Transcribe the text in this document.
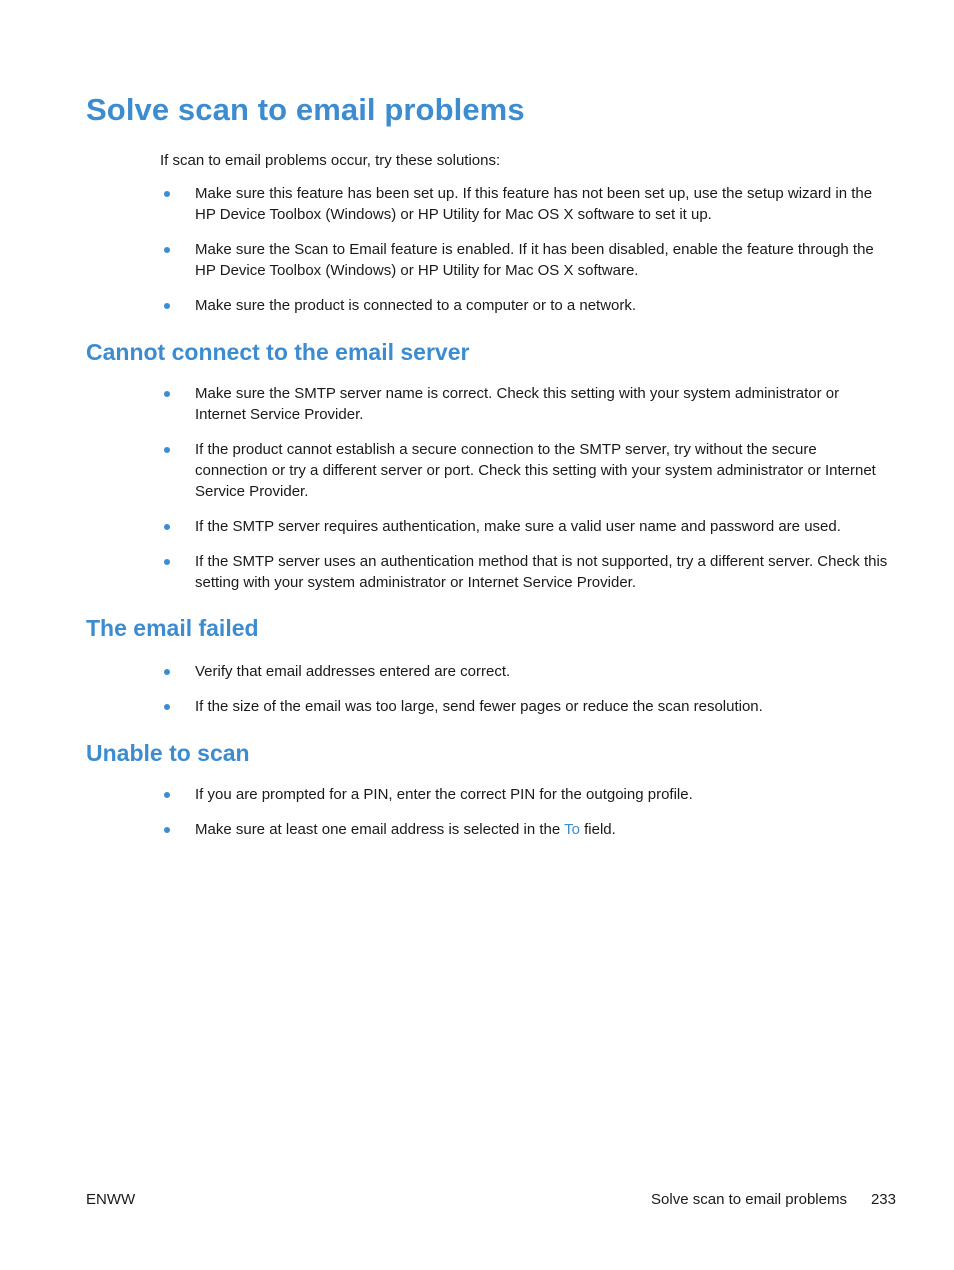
Solve scan to email problems

If scan to email problems occur, try these solutions:

Make sure this feature has been set up. If this feature has not been set up, use the setup wizard in the HP Device Toolbox (Windows) or HP Utility for Mac OS X software to set it up.
Make sure the Scan to Email feature is enabled. If it has been disabled, enable the feature through the HP Device Toolbox (Windows) or HP Utility for Mac OS X software.
Make sure the product is connected to a computer or to a network.
Cannot connect to the email server
Make sure the SMTP server name is correct. Check this setting with your system administrator or Internet Service Provider.
If the product cannot establish a secure connection to the SMTP server, try without the secure connection or try a different server or port. Check this setting with your system administrator or Internet Service Provider.
If the SMTP server requires authentication, make sure a valid user name and password are used.
If the SMTP server uses an authentication method that is not supported, try a different server. Check this setting with your system administrator or Internet Service Provider.
The email failed
Verify that email addresses entered are correct.
If the size of the email was too large, send fewer pages or reduce the scan resolution.
Unable to scan
If you are prompted for a PIN, enter the correct PIN for the outgoing profile.
Make sure at least one email address is selected in the To field.
ENWW	Solve scan to email problems 233
